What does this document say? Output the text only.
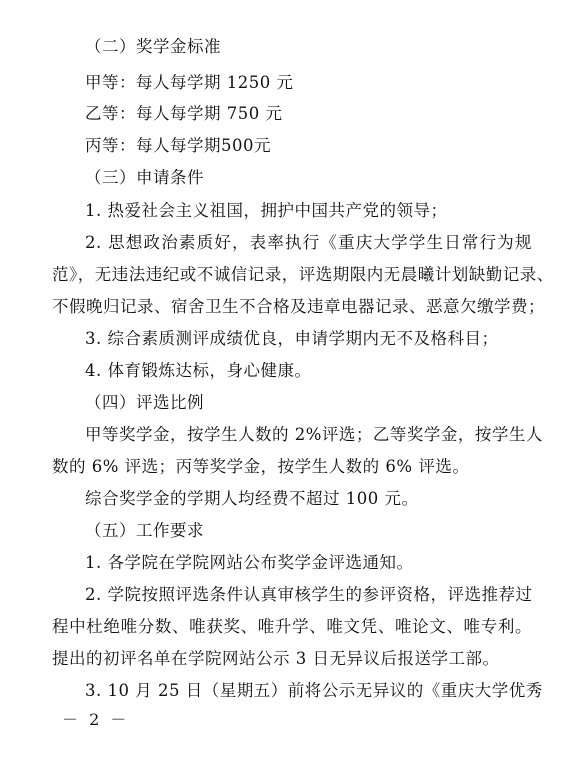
（二）奖学金标准
甲等：每人每学期 1250 元
乙等：每人每学期 750 元
丙等：每人每学期500元
（三）申请条件
1. 热爱社会主义祖国，拥护中国共产党的领导；
2. 思想政治素质好，表率执行《重庆大学学生日常行为规
范》，无违法违纪或不诚信记录，评选期限内无晨曦计划缺勤记录、
不假晚归记录、宿舍卫生不合格及违章电器记录、恶意欠缴学费；
3. 综合素质测评成绩优良，申请学期内无不及格科目；
4. 体育锻炼达标，身心健康。
（四）评选比例
甲等奖学金，按学生人数的 2%评选；乙等奖学金，按学生人
数的 6% 评选；丙等奖学金，按学生人数的 6% 评选。
综合奖学金的学期人均经费不超过 100 元。
（五）工作要求
1. 各学院在学院网站公布奖学金评选通知。
2. 学院按照评选条件认真审核学生的参评资格，评选推荐过
程中杜绝唯分数、唯获奖、唯升学、唯文凭、唯论文、唯专利。
提出的初评名单在学院网站公示 3 日无异议后报送学工部。
3. 10 月 25 日（星期五）前将公示无异议的《重庆大学优秀
－ 2 －
